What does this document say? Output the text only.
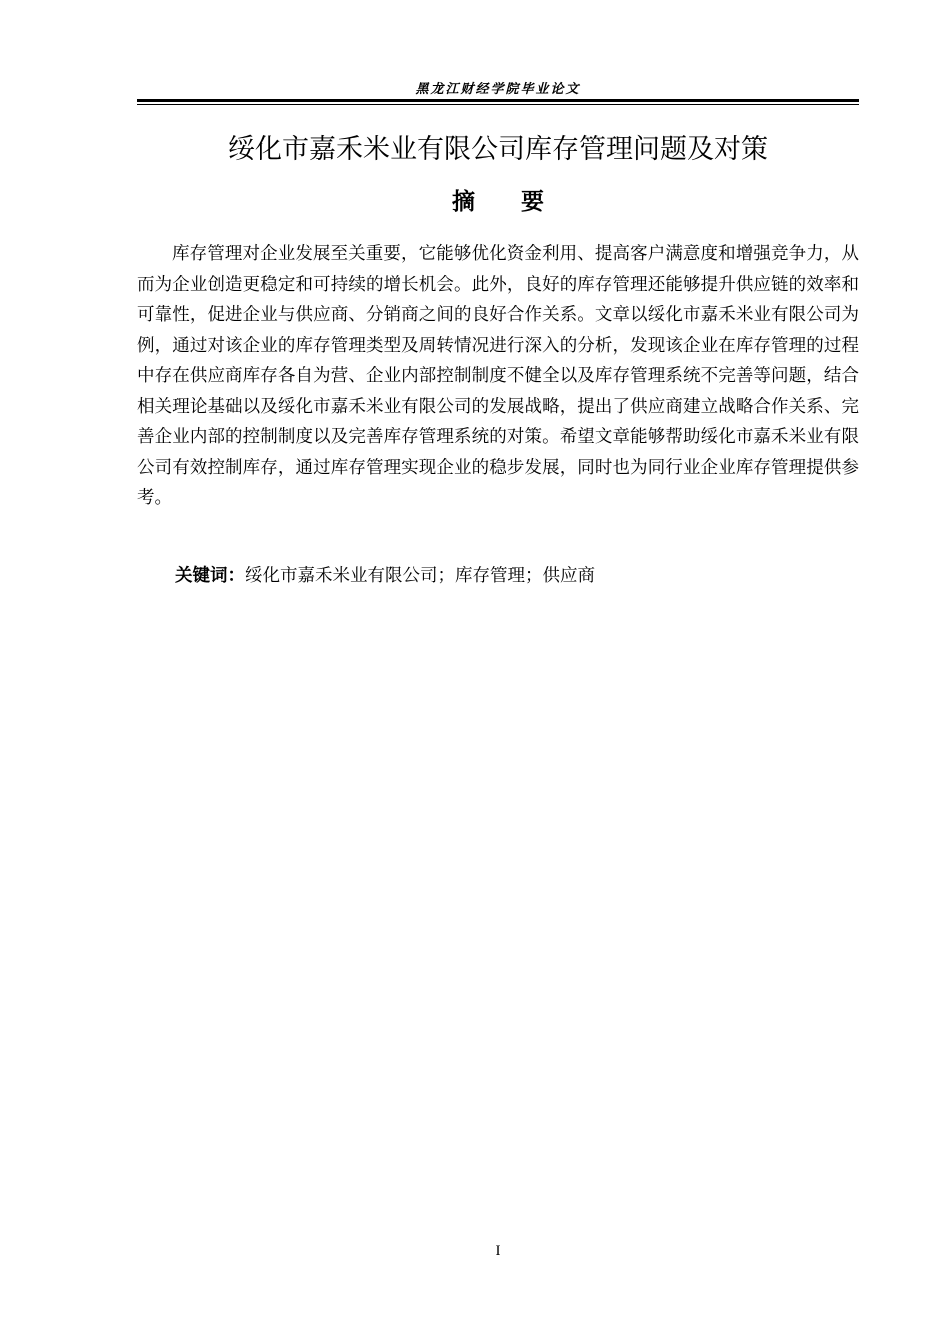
黑龙江财经学院毕业论文
绥化市嘉禾米业有限公司库存管理问题及对策
摘要

库存管理对企业发展至关重要，它能够优化资金利用、提高客户满意度和增强竞争力，从而为企业创造更稳定和可持续的增长机会。此外，良好的库存管理还能够提升供应链的效率和可靠性，促进企业与供应商、分销商之间的良好合作关系。文章以绥化市嘉禾米业有限公司为例，通过对该企业的库存管理类型及周转情况进行深入的分析，发现该企业在库存管理的过程中存在供应商库存各自为营、企业内部控制制度不健全以及库存管理系统不完善等问题，结合相关理论基础以及绥化市嘉禾米业有限公司的发展战略，提出了供应商建立战略合作关系、完善企业内部的控制制度以及完善库存管理系统的对策。希望文章能够帮助绥化市嘉禾米业有限公司有效控制库存，通过库存管理实现企业的稳步发展，同时也为同行业企业库存管理提供参考。

关键词：绥化市嘉禾米业有限公司；库存管理；供应商

I
